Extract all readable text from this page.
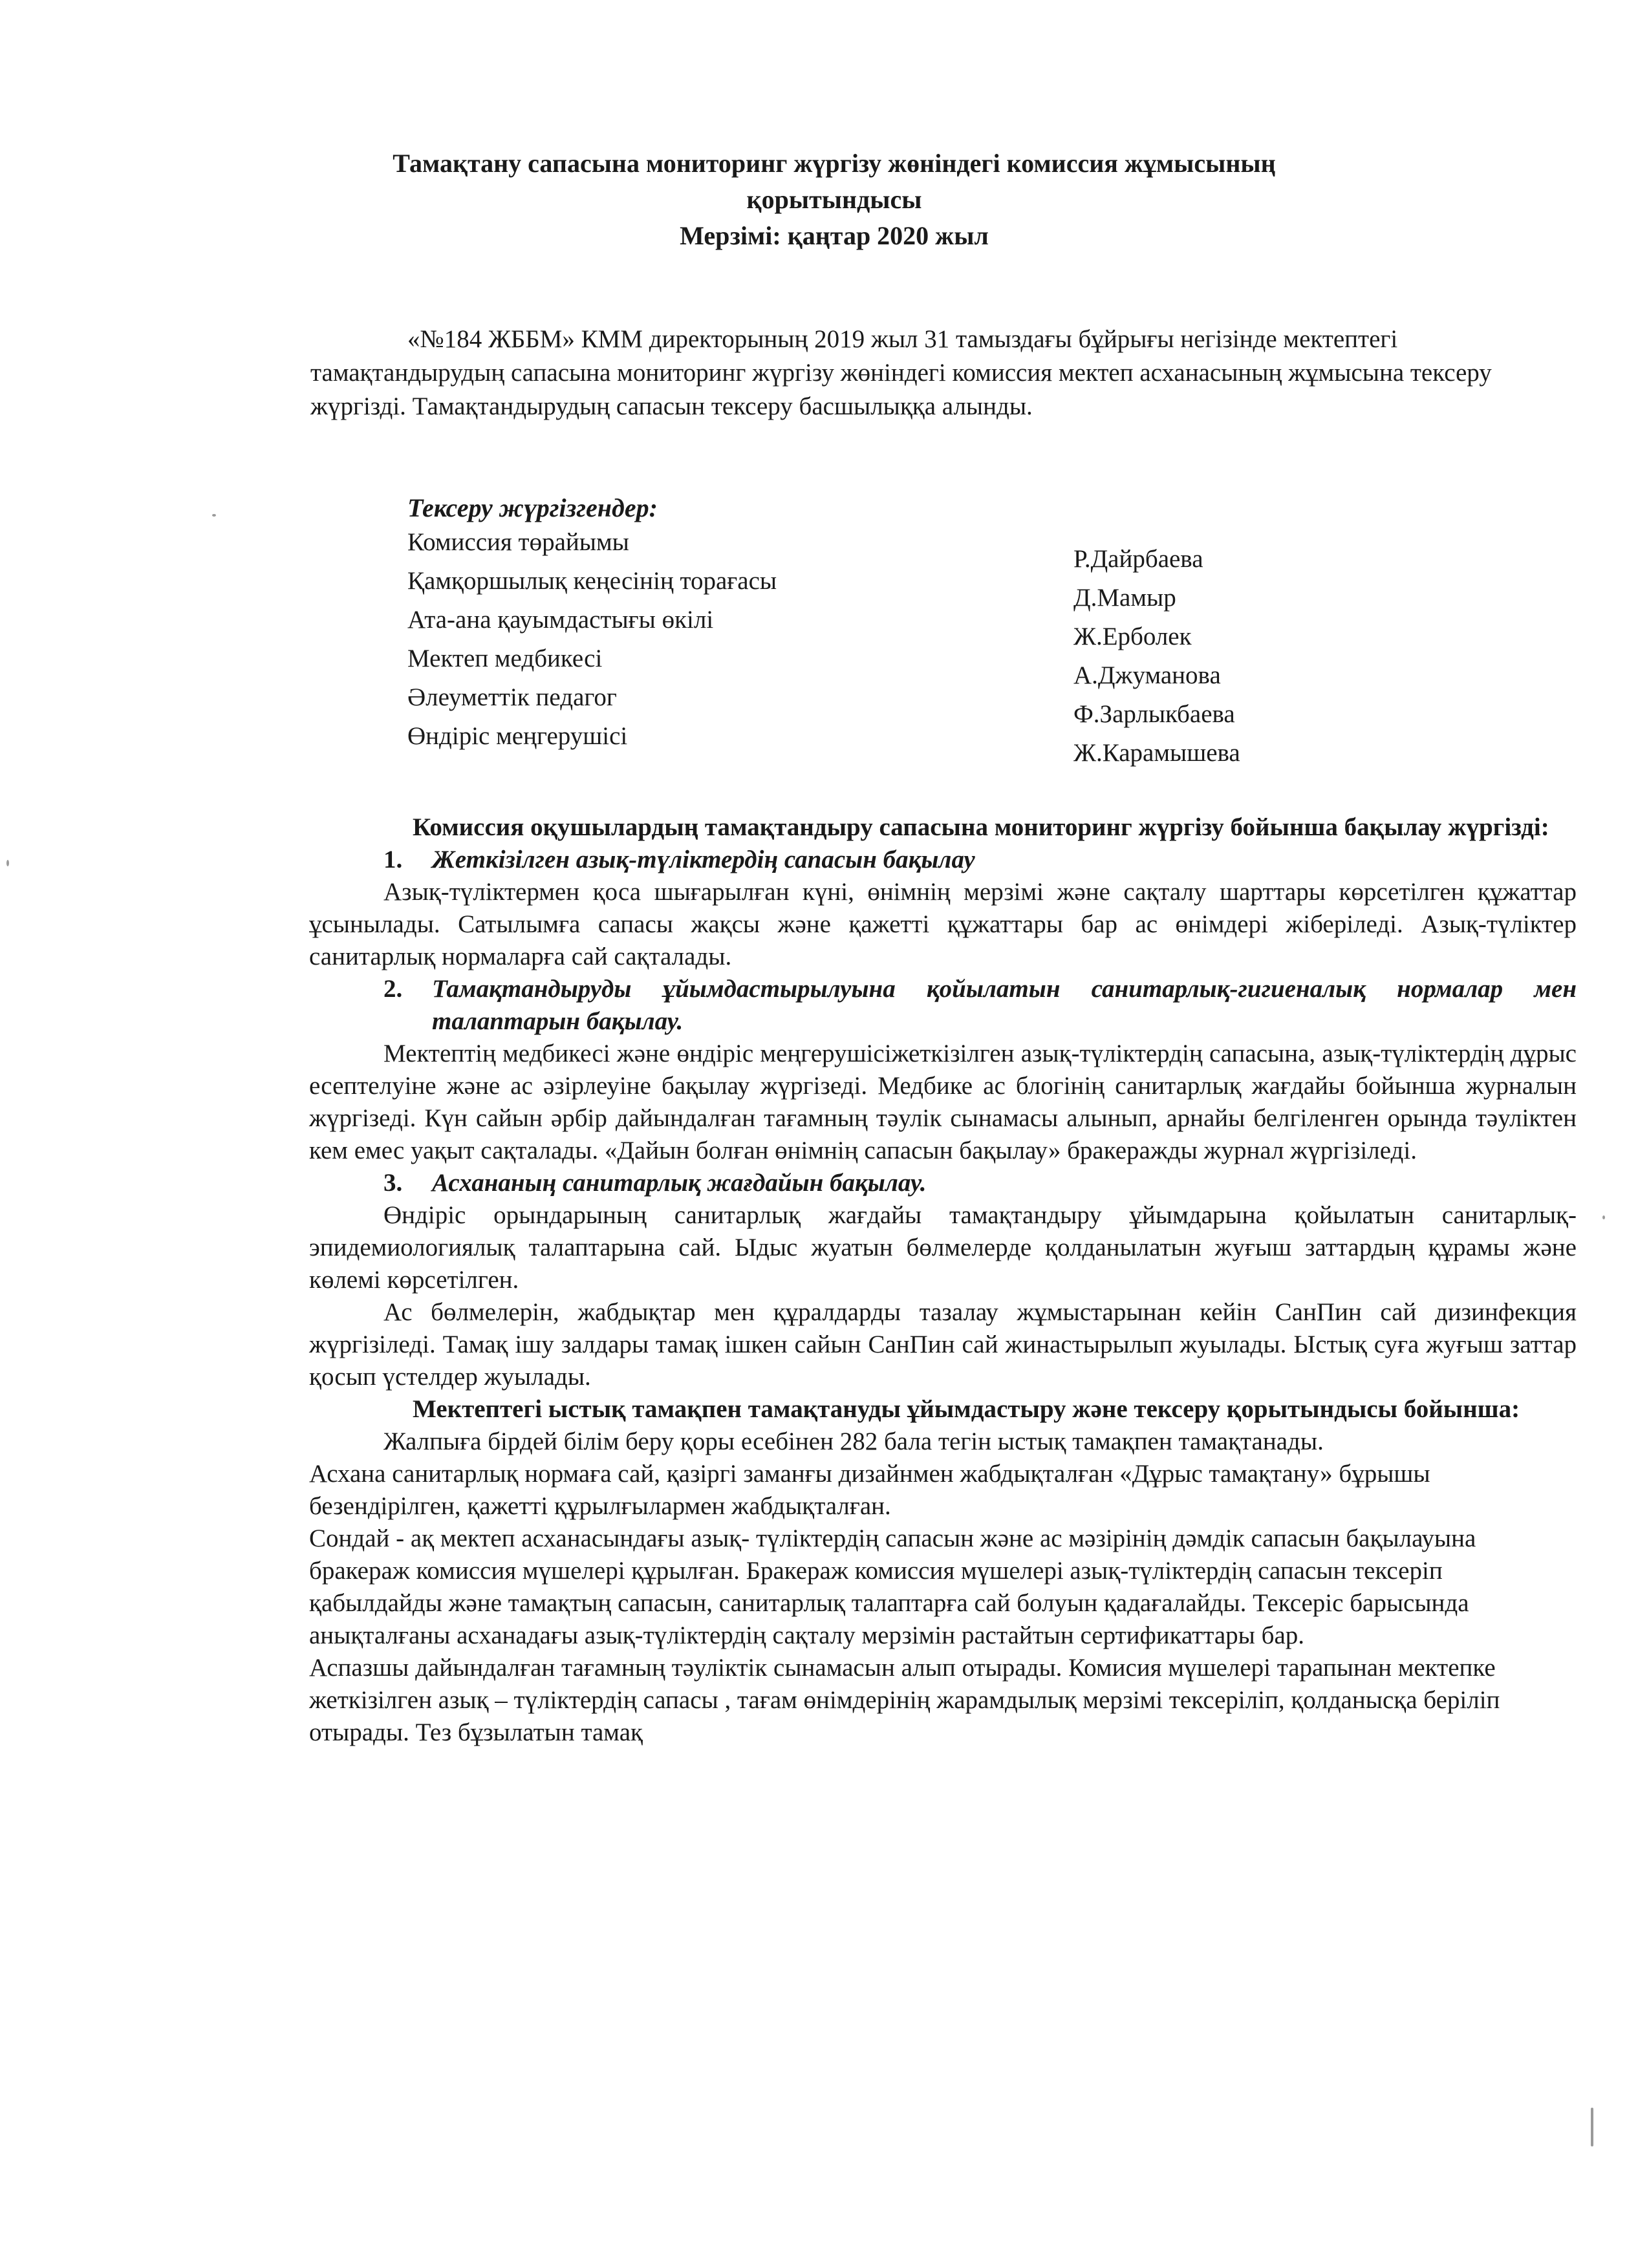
Тамақтану сапасына мониторинг жүргізу жөніндегі комиссия жұмысының
қорытындысы
Мерзімі: қаңтар 2020 жыл

«№184 ЖББМ» КММ директорының 2019 жыл 31 тамыздағы бұйрығы негізінде мектептегі тамақтандырудың сапасына мониторинг жүргізу жөніндегі комиссия мектеп асханасының жұмысына тексеру жүргізді. Тамақтандырудың сапасын тексеру басшылыққа алынды.

Тексеру жүргізгендер:
Комиссия төрайымы
Р.Дайрбаева
Қамқоршылық кеңесінің торағасы
Д.Мамыр
Ата-ана қауымдастығы өкілі
Ж.Ерболек
Мектеп медбикесі
А.Джуманова
Әлеуметтік педагог
Ф.Зарлыкбаева
Өндіріс меңгерушісі
Ж.Карамышева

Комиссия оқушылардың тамақтандыру сапасына мониторинг жүргізу бойынша бақылау жүргізді:

1. Жеткізілген азық-түліктердің сапасын бақылау

Азық-түліктермен қоса шығарылған күні, өнімнің мерзімі және сақталу шарттары көрсетілген құжаттар ұсынылады. Сатылымға сапасы жақсы және қажетті құжаттары бар ас өнімдері жіберіледі. Азық-түліктер санитарлық нормаларға сай сақталады.

2. Тамақтандыруды ұйымдастырылуына қойылатын санитарлық-гигиеналық нормалар мен талаптарын бақылау.

Мектептің медбикесі және өндіріс меңгерушісіжеткізілген азық-түліктердің сапасына, азық-түліктердің дұрыс есептелуіне және ас әзірлеуіне бақылау жүргізеді. Медбике ас блогінің санитарлық жағдайы бойынша журналын жүргізеді. Күн сайын әрбір дайындалған тағамның тәулік сынамасы алынып, арнайы белгіленген орында тәуліктен кем емес уақыт сақталады. «Дайын болған өнімнің сапасын бақылау» бракеражды журнал жүргізіледі.

3. Асхананың санитарлық жағдайын бақылау.

Өндіріс орындарының санитарлық жағдайы тамақтандыру ұйымдарына қойылатын санитарлық-эпидемиологиялық талаптарына сай. Ыдыс жуатын бөлмелерде қолданылатын жуғыш заттардың құрамы және көлемі көрсетілген.

Ас бөлмелерін, жабдықтар мен құралдарды тазалау жұмыстарынан кейін СанПин сай дизинфекция жүргізіледі. Тамақ ішу залдары тамақ ішкен сайын СанПин сай жинастырылып жуылады. Ыстық суға жуғыш заттар қосып үстелдер жуылады.

Мектептегі ыстық тамақпен тамақтануды ұйымдастыру және тексеру қорытындысы бойынша:

Жалпыға бірдей білім беру қоры есебінен 282 бала тегін ыстық тамақпен тамақтанады.

Асхана санитарлық нормаға сай, қазіргі заманғы дизайнмен жабдықталған «Дұрыс тамақтану» бұрышы безендірілген, қажетті құрылғылармен жабдықталған.

Сондай - ақ мектеп асханасындағы азық- түліктердің сапасын және ас мәзірінің дәмдік сапасын бақылауына бракераж комиссия мүшелері құрылған. Бракераж комиссия мүшелері азық-түліктердің сапасын тексеріп қабылдайды және тамақтың сапасын, санитарлық талаптарға сай болуын қадағалайды. Тексеріс барысында анықталғаны асханадағы азық-түліктердің сақталу мерзімін растайтын сертификаттары бар.

Аспазшы дайындалған тағамның тәуліктік сынамасын алып отырады. Комисия мүшелері тарапынан мектепке жеткізілген азық – түліктердің сапасы , тағам өнімдерінің жарамдылық мерзімі тексеріліп, қолданысқа беріліп отырады. Тез бұзылатын тамақ
